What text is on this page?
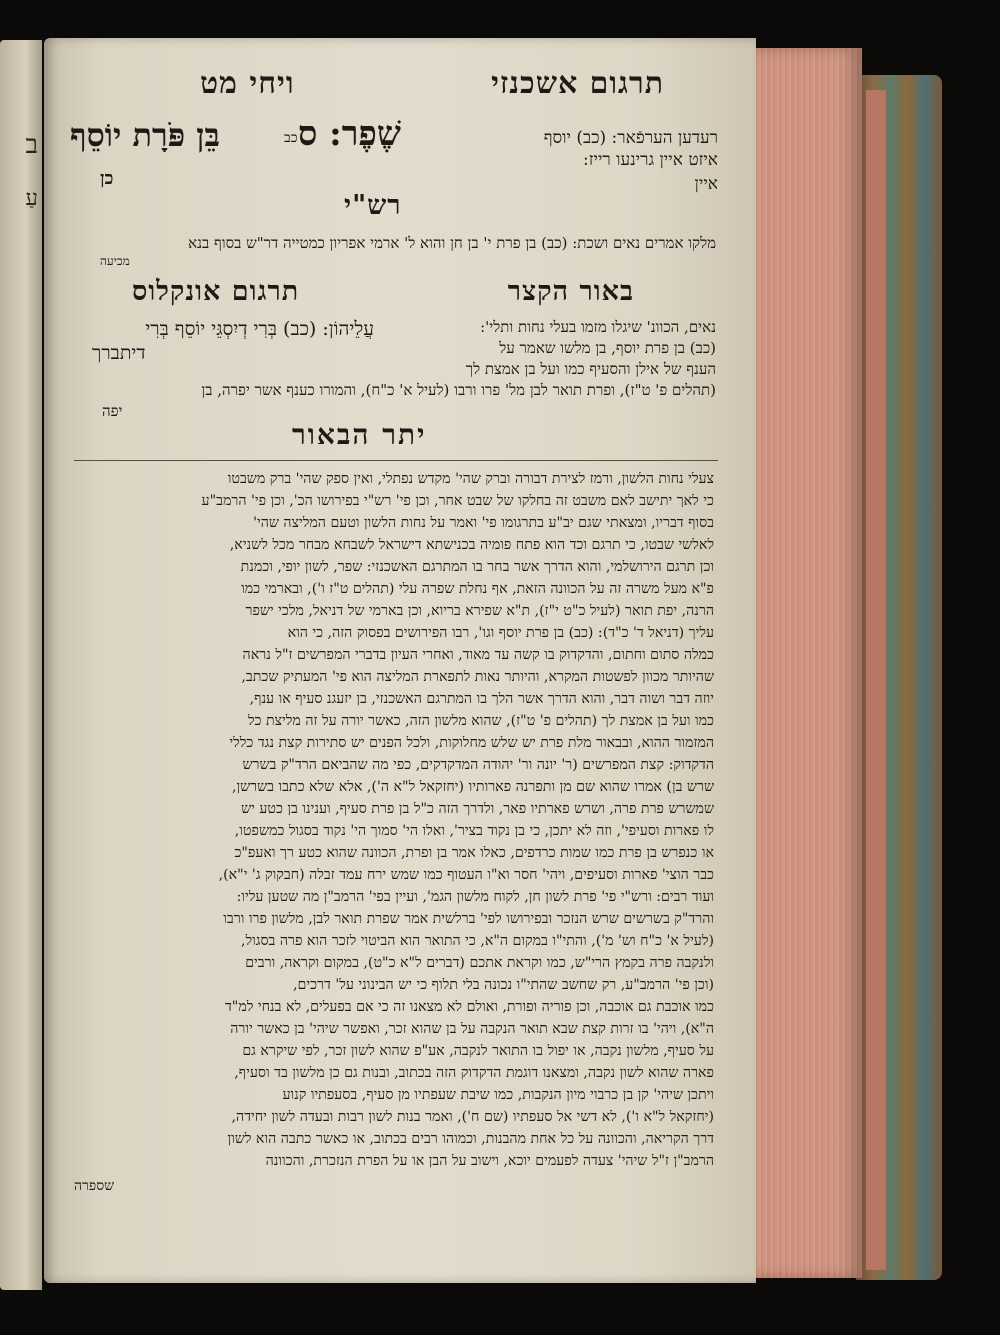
ב
עַ
תרגום אשכנזי
ויחי מט
שֶׁפֶר: ס
כב
בֵּן פֹּרָת יוֹסֵף
כן
רעדען הערפֿאר: (כב) יוסף
איזט איין גרינעו רייז:
איין
רש"י
מלקו אמרים נאים ושכת: (כב) בן פרת י' בן חן והוא ל' ארמי אפריון כמטייה דר"ש בסוף בנא
מכיעה
באור הקצר
תרגום אונקלוס
נאים, הכוונ' שיגלו מזמו בעלי נחות ותלי':
(כב) בן פרת יוסף, בן מלשו שאמר על
הענף של אילן והסעיף כמו ועל בן אמצת לך
(תהלים פ' ט"ז), ופרת תואר לבן מל' פרו ורבו (לעיל א' כ"ח), והמורו כענף אשר יפרה, בן
יפה
עֲלֵיהוֹן: (כב) בְּרִי דְיִסְגֵּי יוֹסֵף בְּרִי
דיתברך
יתר הבאור
צעלי נחות הלשון, ורמז לצירת דבורה וברק שהי' מקדש נפתלי, ואין ספק שהי' ברק משבטו
כי לאך יתישב לאם משבט זה בחלקו של שבט אחר, וכן פי' רש"י בפירושו הכ', וכן פי' הרמב"ע
בסוף דבריו, ומצאתי שגם יב"ע בתרגומו פי' ואמר על נחות הלשון וטעם המליצה שהי'
לאלשי שבטו, כי תרגם וכד הוא פתח פומיה בכנישתא דישראל לשבחא מבחר מכל לשניא,
וכן תרגם הירושלמי, והוא הדרך אשר בחר בו המתרגם האשכנזי: שפר, לשון יופי, וכמנת
פ"א מעל משרה זה על הכוונה הזאת, אף נחלת שפרה עלי (תהלים ט"ז ו'), ובארמי כמו
הרנה, יפת תואר (לעיל כ"ט י"ז), ת"א שפירא בריוא, וכן בארמי של דניאל, מלכי ישפר
עליך (דניאל ד' כ"ד): (כב) בן פרת יוסף וגו', רבו הפירושים בפסוק הזה, כי הוא
כמלה סתום וחתום, והדקדוק בו קשה עד מאוד, ואחרי העיון בדברי המפרשים ז"ל נראה
שהיותר מכוון לפשטות המקרא, והיותר נאות לתפארת המליצה הוא פי' המעתיק שכתב,
יוזה דבר ושוה דבר, והוא הדרך אשר הלך בו המתרגם האשכנזי, בן יזעגנ סעיף או ענף,
כמו ועל בן אמצת לך (תהלים פ' ט"ז), שהוא מלשון הזה, כאשר יורה על זה מליצת כל
המזמור ההוא, ובבאור מלת פרת יש שלש מחלוקות, ולכל הפנים יש סתירות קצת נגד כללי
הדקדוק: קצת המפרשים (ר' יונה ור' יהודה המדקדקים, כפי מה שהביאם הרד"ק בשרש
שרש בן) אמרו שהוא שם מן ותפרנה פארותיו (יחזקאל ל"א ה'), אלא שלא כתבו בשרשן,
שמשרש פרת פרה, ושרש פארתיו פאר, ולדרך הזה כ"ל בן פרת סעיף, וענינו בן כטע יש
לו פארות וסעיפי', וזה לא יתכן, כי בן נקוד בציר', ואלו הי' סמוך הי' נקוד בסגול כמשפטו,
או כנפרש בן פרת כמו שמות כרדפים, כאלו אמר בן ופרת, הכוונה שהוא כטע רך ואעפ"כ
כבר הוצי' פארות וסעיפים, ויהי' חסר וא"ו העטוף כמו שמש ירח עמד זבלה (חבקוק ג' י"א),
ועוד רבים: ורש"י פי' פרת לשון חן, לקוח מלשון הגמ', ועיין בפי' הרמב"ן מה שטען עליו:
והרד"ק בשרשים שרש הנזכר ובפירושו לפי' ברלשית אמר שפרת תואר לבן, מלשון פרו ורבו
(לעיל א' כ"ח וש' מ'), והתי"ו במקום ה"א, כי התואר הוא הביטוי לזכר הוא פרה בסגול,
ולנקבה פרה בקמץ הרי"ש, כמו וקראת אתכם (דברים ל"א כ"ט), במקום וקראה, ורבים
(וכן פי' הרמב"ע, רק שחשב שהתי"ו נכונה בלי תלוף כי יש הבינוני על' דרכים,
כמו אוכבת גם אוכבה, וכן פוריה ופורת, ואולם לא מצאנו זה כי אם בפעלים, לא בנחי למ"ד
ה"א), ויהי' בו זרות קצת שבא תואר הנקבה על בן שהוא זכר, ואפשר שיהי' בן כאשר יורה
על סעיף, מלשון נקבה, או יפול בו התואר לנקבה, אע"פ שהוא לשון זכר, לפי שיקרא גם
פארה שהוא לשון נקבה, ומצאנו דוגמת הדקדוק הזה בכתוב, ובנות גם כן מלשון בד וסעיף,
ויתכן שיהי' קן בן כרבוי מיון הנקבות, כמו שיבת שעפתיו מן סעיף, בסעפתיו קנוע
(יחזקאל ל"א ו'), לא דשי אל סעפתיו (שם ח'), ואמר בנות לשון רבות ובעדה לשון יחידה,
דרך הקריאה, והכוונה על כל אחת מהבנות, וכמוהו רבים בכתוב, או כאשר כתבה הוא לשון
הרמב"ן ז"ל שיהי' צעדה לפעמים יוכא, וישוב על הבן או על הפרת הנזכרת, והכוונה
שספרה
